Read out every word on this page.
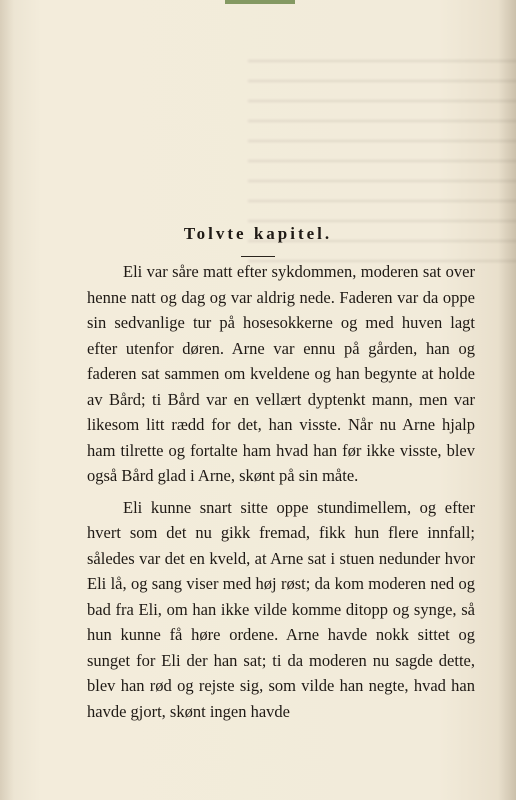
Tolvte kapitel.

Eli var såre matt efter sykdommen, moderen sat over henne natt og dag og var aldrig nede. Faderen var da oppe sin sedvanlige tur på hosesokkerne og med huven lagt efter utenfor døren. Arne var ennu på gården, han og faderen sat sammen om kveldene og han begynte at holde av Bård; ti Bård var en vellært dyptenkt mann, men var likesom litt rædd for det, han visste. Når nu Arne hjalp ham tilrette og fortalte ham hvad han før ikke visste, blev også Bård glad i Arne, skønt på sin måte.

Eli kunne snart sitte oppe stundimellem, og efter hvert som det nu gikk fremad, fikk hun flere innfall; således var det en kveld, at Arne sat i stuen nedunder hvor Eli lå, og sang viser med høj røst; da kom moderen ned og bad fra Eli, om han ikke vilde komme ditopp og synge, så hun kunne få høre ordene. Arne havde nokk sittet og sunget for Eli der han sat; ti da moderen nu sagde dette, blev han rød og rejste sig, som vilde han negte, hvad han havde gjort, skønt ingen havde
